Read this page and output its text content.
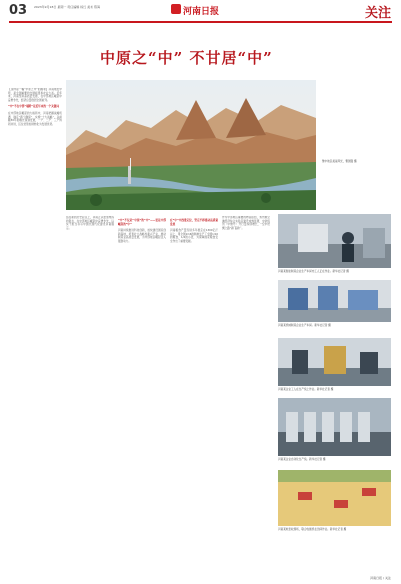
03 2023年9月18日 星期一 责任编辑 杨红 美术 陈海	河南日报	关注
中原之“中” 不甘居“中”
豫中地区美丽风光，曹国强 摄
【这样是一幅“中原之中”的画卷】河南地处中原，是全国重要的交通枢纽和农业大省。近年来，河南坚持高质量发展，在中部地区崛起中奋勇争先，经济总量稳居全国前列。
“中”不在中部“塌陷”是近年来的一个关键词
在中部地区崛起的大格局中，河南把握战略机遇，锚定“两个确保”，实施“十大战略”，以前瞻30年的眼光谋划发展，一产、二产、三产协同并进，区位优势加速转化为发展优势。
站在新的历史起点上，河南正以更加昂扬的姿态，在中部地区崛起中奋勇争先，以实干担当书写中国式现代化建设河南篇章。
“中”不仅是“中国”的“中”——更是中部崛起的“中”
河南持续推进科技创新，加快建设国家创新高地，培育壮大战略性新兴产业，推动制造业高质量发展，为中部地区崛起注入强劲动力。
在“中”中找准定位，坚定不移推动高质量发展
河南粮食产量连续多年稳定在1300亿斤以上，用全国1/16的耕地生产了全国1/10的粮食、1/4的小麦，为保障国家粮食安全作出了重要贡献。
作为中部地区重要的物流枢纽，郑州航空港经济综合实验区建设成效显著，中欧班列（中豫号）开行量持续增长，“空中丝绸之路”越飞越广。
河南某智能制造企业生产车间内工人正在作业。新华社记者 摄
河南某机械制造企业生产车间。新华社记者 摄
河南某企业工人在生产线上作业。新华社记者 摄
河南某企业自动化生产线。新华社记者 摄
河南某地麦收现场，联合收割机在田间作业。新华社记者 摄
河南日报 / 关注
